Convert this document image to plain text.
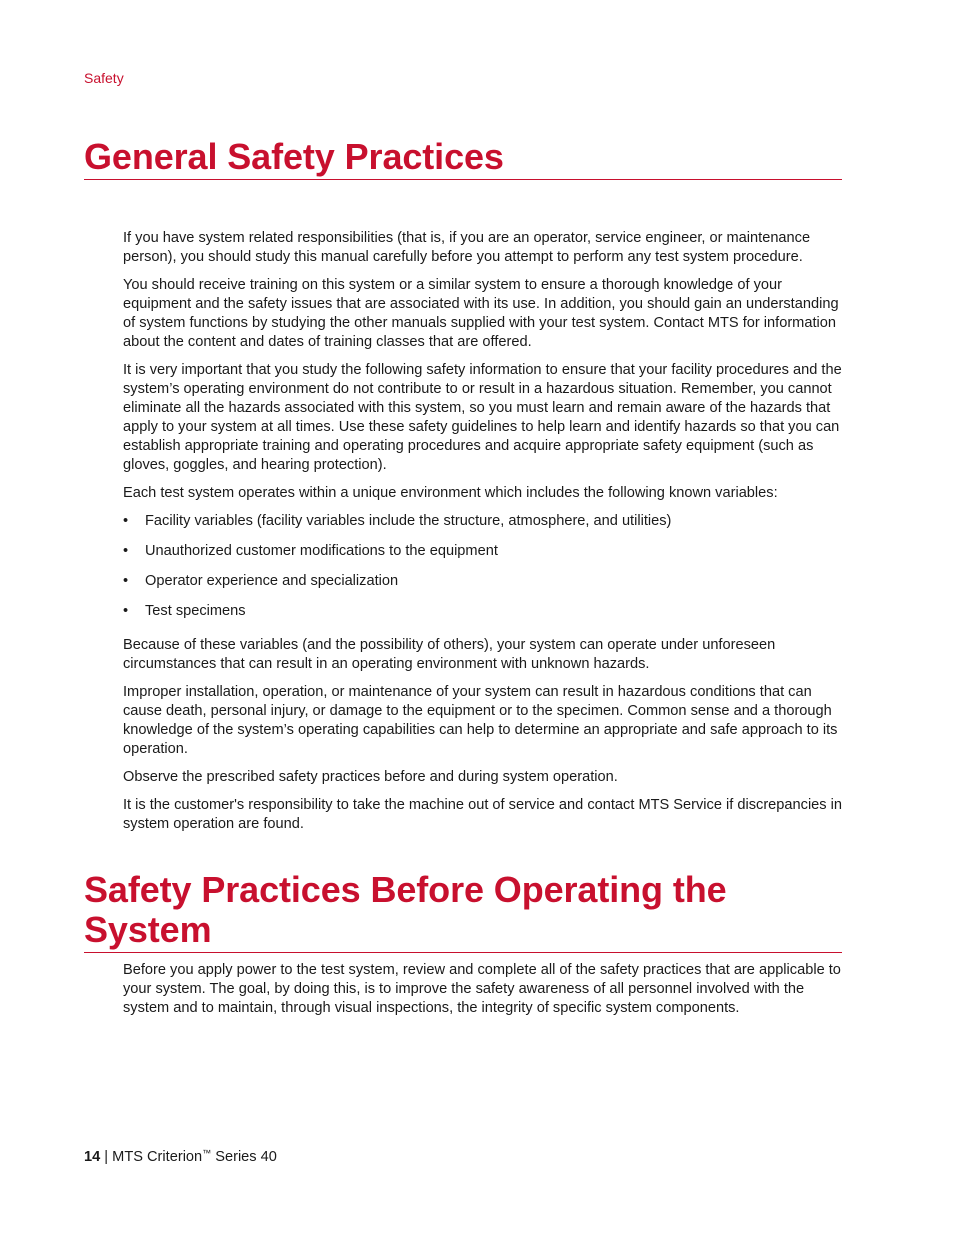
Safety
General Safety Practices

If you have system related responsibilities (that is, if you are an operator, service engineer, or maintenance person), you should study this manual carefully before you attempt to perform any test system procedure.

You should receive training on this system or a similar system to ensure a thorough knowledge of your equipment and the safety issues that are associated with its use. In addition, you should gain an understanding of system functions by studying the other manuals supplied with your test system. Contact MTS for information about the content and dates of training classes that are offered.

It is very important that you study the following safety information to ensure that your facility procedures and the system’s operating environment do not contribute to or result in a hazardous situation. Remember, you cannot eliminate all the hazards associated with this system, so you must learn and remain aware of the hazards that apply to your system at all times. Use these safety guidelines to help learn and identify hazards so that you can establish appropriate training and operating procedures and acquire appropriate safety equipment (such as gloves, goggles, and hearing protection).

Each test system operates within a unique environment which includes the following known variables:

• Facility variables (facility variables include the structure, atmosphere, and utilities)
• Unauthorized customer modifications to the equipment
• Operator experience and specialization
• Test specimens

Because of these variables (and the possibility of others), your system can operate under unforeseen circumstances that can result in an operating environment with unknown hazards.

Improper installation, operation, or maintenance of your system can result in hazardous conditions that can cause death, personal injury, or damage to the equipment or to the specimen. Common sense and a thorough knowledge of the system’s operating capabilities can help to determine an appropriate and safe approach to its operation.

Observe the prescribed safety practices before and during system operation.

It is the customer's responsibility to take the machine out of service and contact MTS Service if discrepancies in system operation are found.

Safety Practices Before Operating the System

Before you apply power to the test system, review and complete all of the safety practices that are applicable to your system. The goal, by doing this, is to improve the safety awareness of all personnel involved with the system and to maintain, through visual inspections, the integrity of specific system components.

14 | MTS Criterion™ Series 40
